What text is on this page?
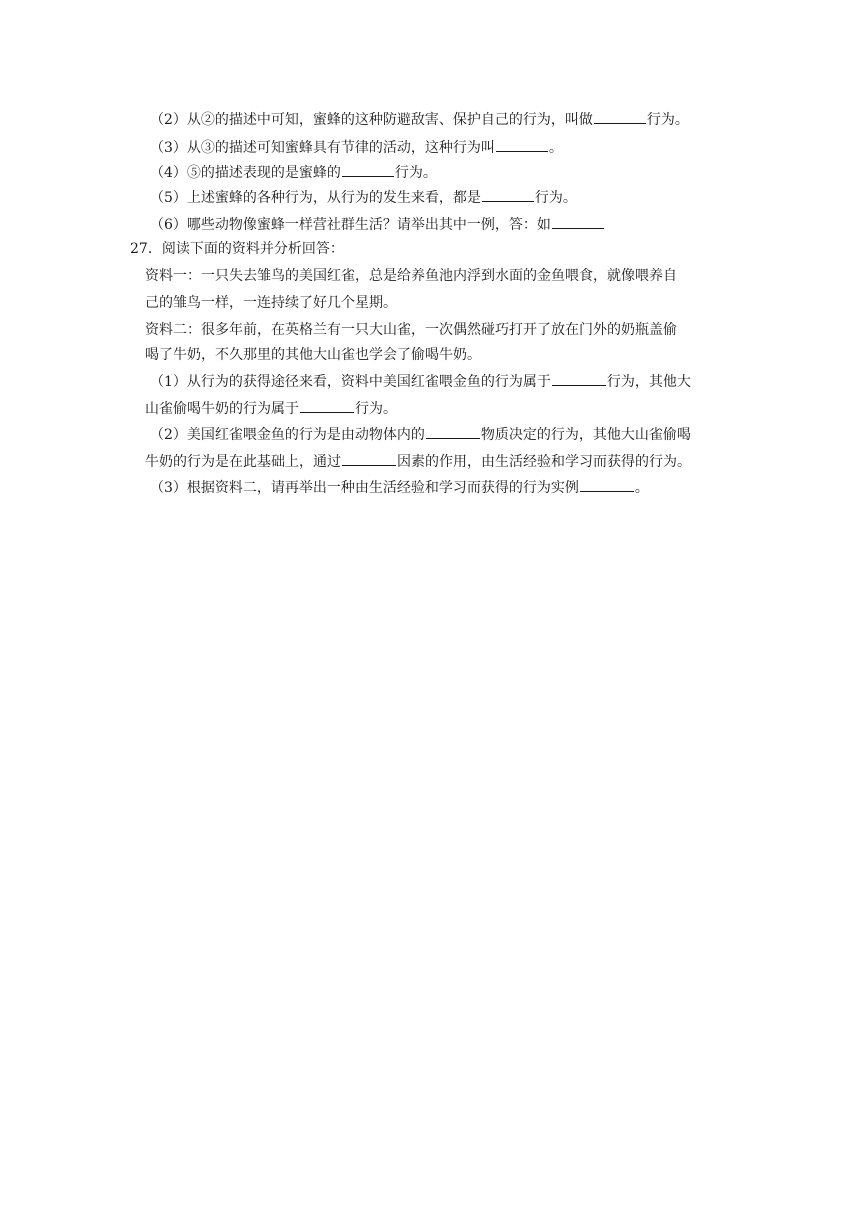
（2）从②的描述中可知，蜜蜂的这种防避敌害、保护自己的行为，叫做	行为。
（3）从③的描述可知蜜蜂具有节律的活动，这种行为叫	。
（4）⑤的描述表现的是蜜蜂的	行为。
（5）上述蜜蜂的各种行为，从行为的发生来看，都是	行为。
（6）哪些动物像蜜蜂一样营社群生活？请举出其中一例，答：如
27．阅读下面的资料并分析回答：
资料一：一只失去雏鸟的美国红雀，总是给养鱼池内浮到水面的金鱼喂食，就像喂养自
己的雏鸟一样，一连持续了好几个星期。
资料二：很多年前，在英格兰有一只大山雀，一次偶然碰巧打开了放在门外的奶瓶盖偷
喝了牛奶，不久那里的其他大山雀也学会了偷喝牛奶。
（1）从行为的获得途径来看，资料中美国红雀喂金鱼的行为属于	行为，其他大
山雀偷喝牛奶的行为属于	行为。
（2）美国红雀喂金鱼的行为是由动物体内的	物质决定的行为，其他大山雀偷喝
牛奶的行为是在此基础上，通过	因素的作用，由生活经验和学习而获得的行为。
（3）根据资料二，请再举出一种由生活经验和学习而获得的行为实例	。
